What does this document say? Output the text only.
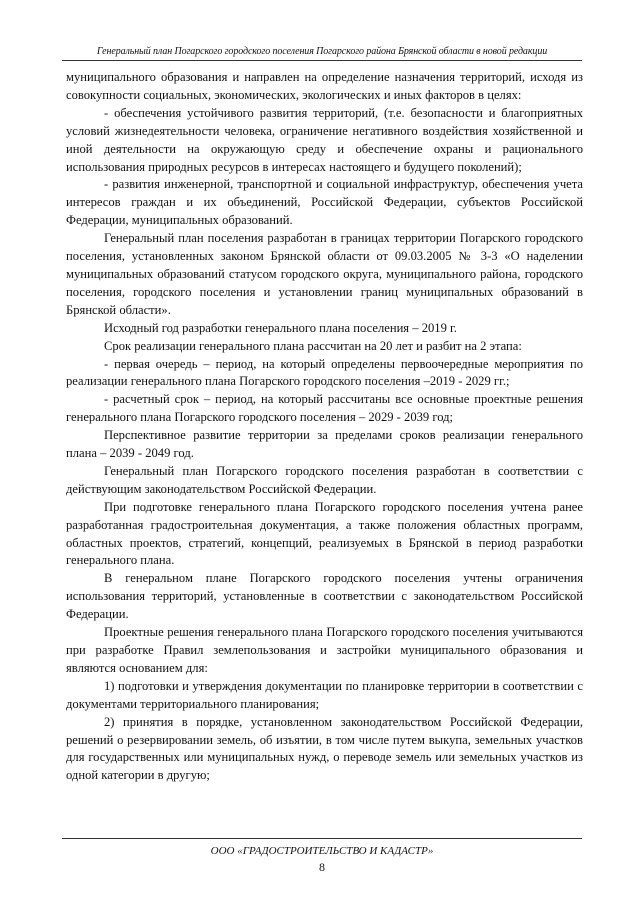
Генеральный план Погарского городского поселения Погарского района Брянской области в новой редакции

муниципального образования и направлен на определение назначения территорий, исходя из совокупности социальных, экономических, экологических и иных факторов в целях:

- обеспечения устойчивого развития территорий, (т.е. безопасности и благоприятных условий жизнедеятельности человека, ограничение негативного воздействия хозяйственной и иной деятельности на окружающую среду и обеспечение охраны и рационального использования природных ресурсов в интересах настоящего и будущего поколений);

- развития инженерной, транспортной и социальной инфраструктур, обеспечения учета интересов граждан и их объединений, Российской Федерации, субъектов Российской Федерации, муниципальных образований.

Генеральный план поселения разработан в границах территории Погарского городского поселения, установленных законом Брянской области от 09.03.2005 № 3-3 «О наделении муниципальных образований статусом городского округа, муниципального района, городского поселения, городского поселения и установлении границ муниципальных образований в Брянской области».

Исходный год разработки генерального плана поселения – 2019 г.

Срок реализации генерального плана рассчитан на 20 лет и разбит на 2 этапа:

- первая очередь – период, на который определены первоочередные мероприятия по реализации генерального плана Погарского городского поселения –2019 - 2029 гг.;

- расчетный срок – период, на который рассчитаны все основные проектные решения генерального плана Погарского городского поселения – 2029 - 2039 год;

Перспективное развитие территории за пределами сроков реализации генерального плана – 2039 - 2049 год.

Генеральный план Погарского городского поселения разработан в соответствии с действующим законодательством Российской Федерации.

При подготовке генерального плана Погарского городского поселения учтена ранее разработанная градостроительная документация, а также положения областных программ, областных проектов, стратегий, концепций, реализуемых в Брянской в период разработки генерального плана.

В генеральном плане Погарского городского поселения учтены ограничения использования территорий, установленные в соответствии с законодательством Российской Федерации.

Проектные решения генерального плана Погарского городского поселения учитываются при разработке Правил землепользования и застройки муниципального образования и являются основанием для:

1) подготовки и утверждения документации по планировке территории в соответствии с документами территориального планирования;

2) принятия в порядке, установленном законодательством Российской Федерации, решений о резервировании земель, об изъятии, в том числе путем выкупа, земельных участков для государственных или муниципальных нужд, о переводе земель или земельных участков из одной категории в другую;

ООО «ГРАДОСТРОИТЕЛЬСТВО И КАДАСТР»
8
